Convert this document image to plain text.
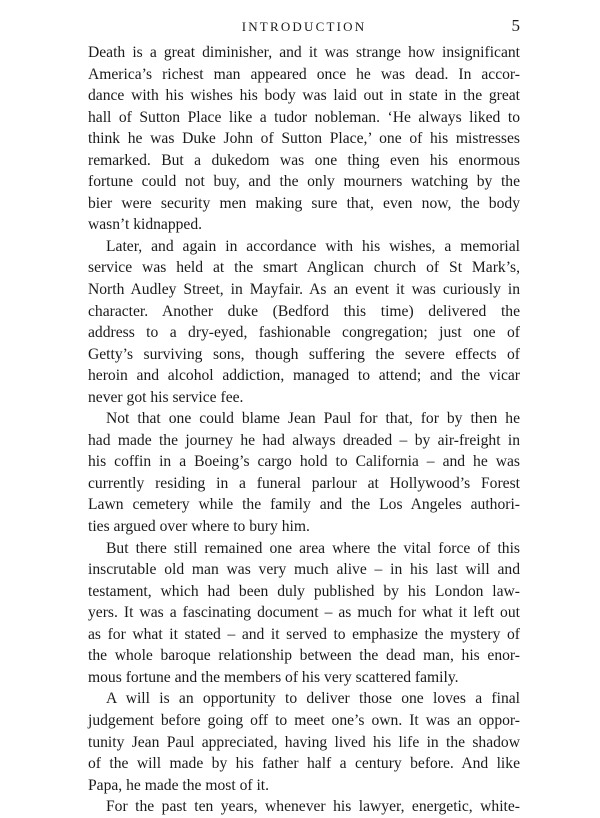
INTRODUCTION	5
Death is a great diminisher, and it was strange how insignificant
America’s richest man appeared once he was dead. In accor-
dance with his wishes his body was laid out in state in the great
hall of Sutton Place like a tudor nobleman. ‘He always liked to
think he was Duke John of Sutton Place,’ one of his mistresses
remarked. But a dukedom was one thing even his enormous
fortune could not buy, and the only mourners watching by the
bier were security men making sure that, even now, the body
wasn’t kidnapped.
Later, and again in accordance with his wishes, a memorial
service was held at the smart Anglican church of St Mark’s,
North Audley Street, in Mayfair. As an event it was curiously in
character. Another duke (Bedford this time) delivered the
address to a dry-eyed, fashionable congregation; just one of
Getty’s surviving sons, though suffering the severe effects of
heroin and alcohol addiction, managed to attend; and the vicar
never got his service fee.
Not that one could blame Jean Paul for that, for by then he
had made the journey he had always dreaded – by air-freight in
his coffin in a Boeing’s cargo hold to California – and he was
currently residing in a funeral parlour at Hollywood’s Forest
Lawn cemetery while the family and the Los Angeles authori-
ties argued over where to bury him.
But there still remained one area where the vital force of this
inscrutable old man was very much alive – in his last will and
testament, which had been duly published by his London law-
yers. It was a fascinating document – as much for what it left out
as for what it stated – and it served to emphasize the mystery of
the whole baroque relationship between the dead man, his enor-
mous fortune and the members of his very scattered family.
A will is an opportunity to deliver those one loves a final
judgement before going off to meet one’s own. It was an oppor-
tunity Jean Paul appreciated, having lived his life in the shadow
of the will made by his father half a century before. And like
Papa, he made the most of it.
For the past ten years, whenever his lawyer, energetic, white-
